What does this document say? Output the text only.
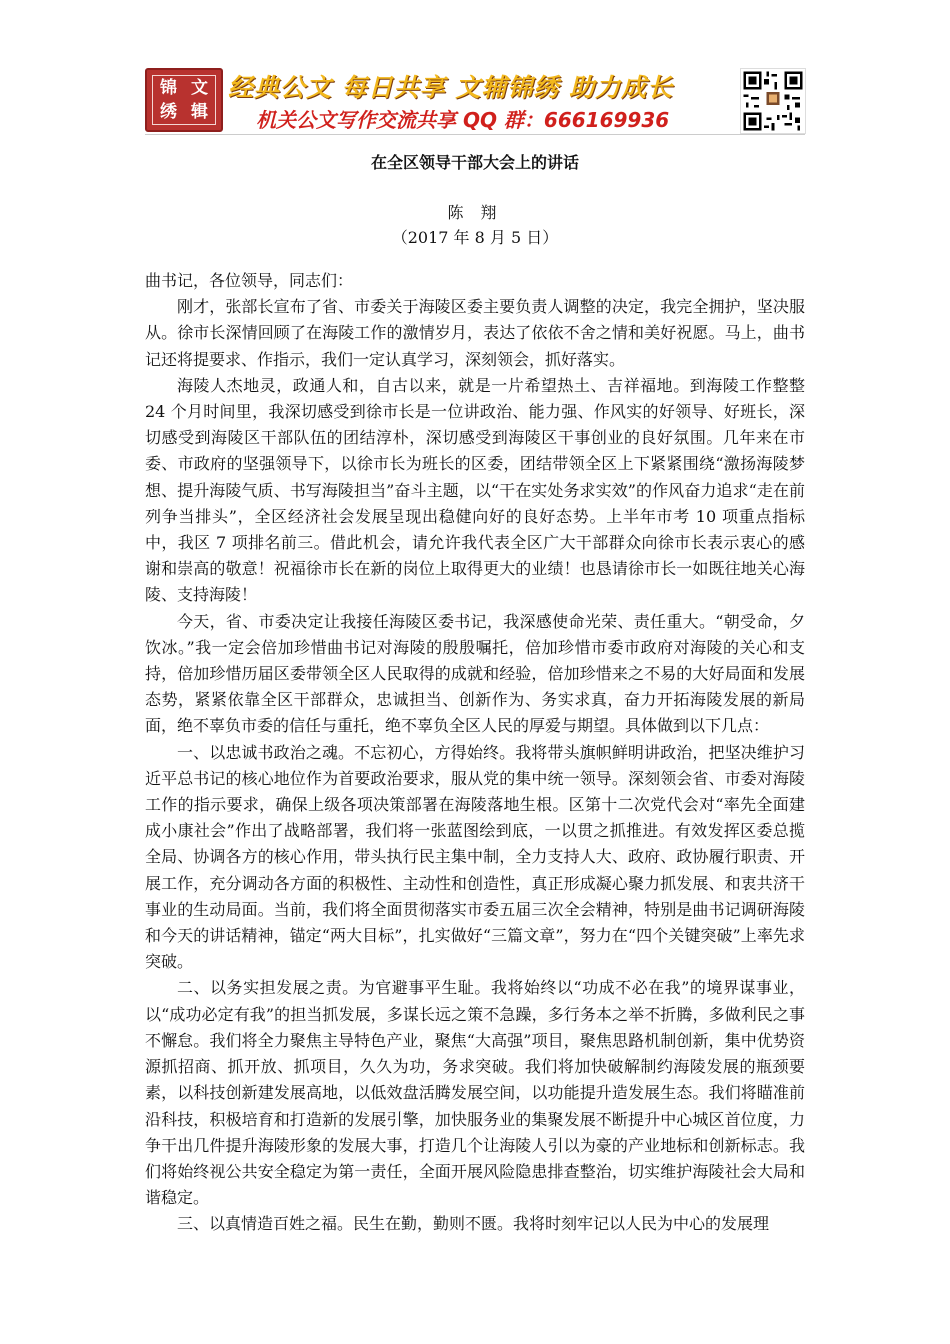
锦 文
绣 辑
经典公文 每日共享 文辅锦绣 助力成长
机关公文写作交流共享 QQ 群：666169936
在全区领导干部大会上的讲话
陈 翔
（2017 年 8 月 5 日）

曲书记，各位领导，同志们：

刚才，张部长宣布了省、市委关于海陵区委主要负责人调整的决定，我完全拥护，坚决服从。徐市长深情回顾了在海陵工作的激情岁月，表达了依依不舍之情和美好祝愿。马上，曲书记还将提要求、作指示，我们一定认真学习，深刻领会，抓好落实。

海陵人杰地灵，政通人和，自古以来，就是一片希望热土、吉祥福地。到海陵工作整整 24 个月时间里，我深切感受到徐市长是一位讲政治、能力强、作风实的好领导、好班长，深切感受到海陵区干部队伍的团结淳朴，深切感受到海陵区干事创业的良好氛围。几年来在市委、市政府的坚强领导下，以徐市长为班长的区委，团结带领全区上下紧紧围绕“激扬海陵梦想、提升海陵气质、书写海陵担当”奋斗主题，以“干在实处务求实效”的作风奋力追求“走在前列争当排头”，全区经济社会发展呈现出稳健向好的良好态势。上半年市考 10 项重点指标中，我区 7 项排名前三。借此机会，请允许我代表全区广大干部群众向徐市长表示衷心的感谢和崇高的敬意！祝福徐市长在新的岗位上取得更大的业绩！也恳请徐市长一如既往地关心海陵、支持海陵！

今天，省、市委决定让我接任海陵区委书记，我深感使命光荣、责任重大。“朝受命，夕饮冰。”我一定会倍加珍惜曲书记对海陵的殷殷嘱托，倍加珍惜市委市政府对海陵的关心和支持，倍加珍惜历届区委带领全区人民取得的成就和经验，倍加珍惜来之不易的大好局面和发展态势，紧紧依靠全区干部群众，忠诚担当、创新作为、务实求真，奋力开拓海陵发展的新局面，绝不辜负市委的信任与重托，绝不辜负全区人民的厚爱与期望。具体做到以下几点：

一、以忠诚书政治之魂。不忘初心，方得始终。我将带头旗帜鲜明讲政治，把坚决维护习近平总书记的核心地位作为首要政治要求，服从党的集中统一领导。深刻领会省、市委对海陵工作的指示要求，确保上级各项决策部署在海陵落地生根。区第十二次党代会对“率先全面建成小康社会”作出了战略部署，我们将一张蓝图绘到底，一以贯之抓推进。有效发挥区委总揽全局、协调各方的核心作用，带头执行民主集中制，全力支持人大、政府、政协履行职责、开展工作，充分调动各方面的积极性、主动性和创造性，真正形成凝心聚力抓发展、和衷共济干事业的生动局面。当前，我们将全面贯彻落实市委五届三次全会精神，特别是曲书记调研海陵和今天的讲话精神，锚定“两大目标”，扎实做好“三篇文章”，努力在“四个关键突破”上率先求突破。

二、以务实担发展之责。为官避事平生耻。我将始终以“功成不必在我”的境界谋事业，以“成功必定有我”的担当抓发展，多谋长远之策不急躁，多行务本之举不折腾，多做利民之事不懈怠。我们将全力聚焦主导特色产业，聚焦“大高强”项目，聚焦思路机制创新，集中优势资源抓招商、抓开放、抓项目，久久为功，务求突破。我们将加快破解制约海陵发展的瓶颈要素，以科技创新建发展高地，以低效盘活腾发展空间，以功能提升造发展生态。我们将瞄准前沿科技，积极培育和打造新的发展引擎，加快服务业的集聚发展不断提升中心城区首位度，力争干出几件提升海陵形象的发展大事，打造几个让海陵人引以为豪的产业地标和创新标志。我们将始终视公共安全稳定为第一责任，全面开展风险隐患排查整治，切实维护海陵社会大局和谐稳定。

三、以真情造百姓之福。民生在勤，勤则不匮。我将时刻牢记以人民为中心的发展理
